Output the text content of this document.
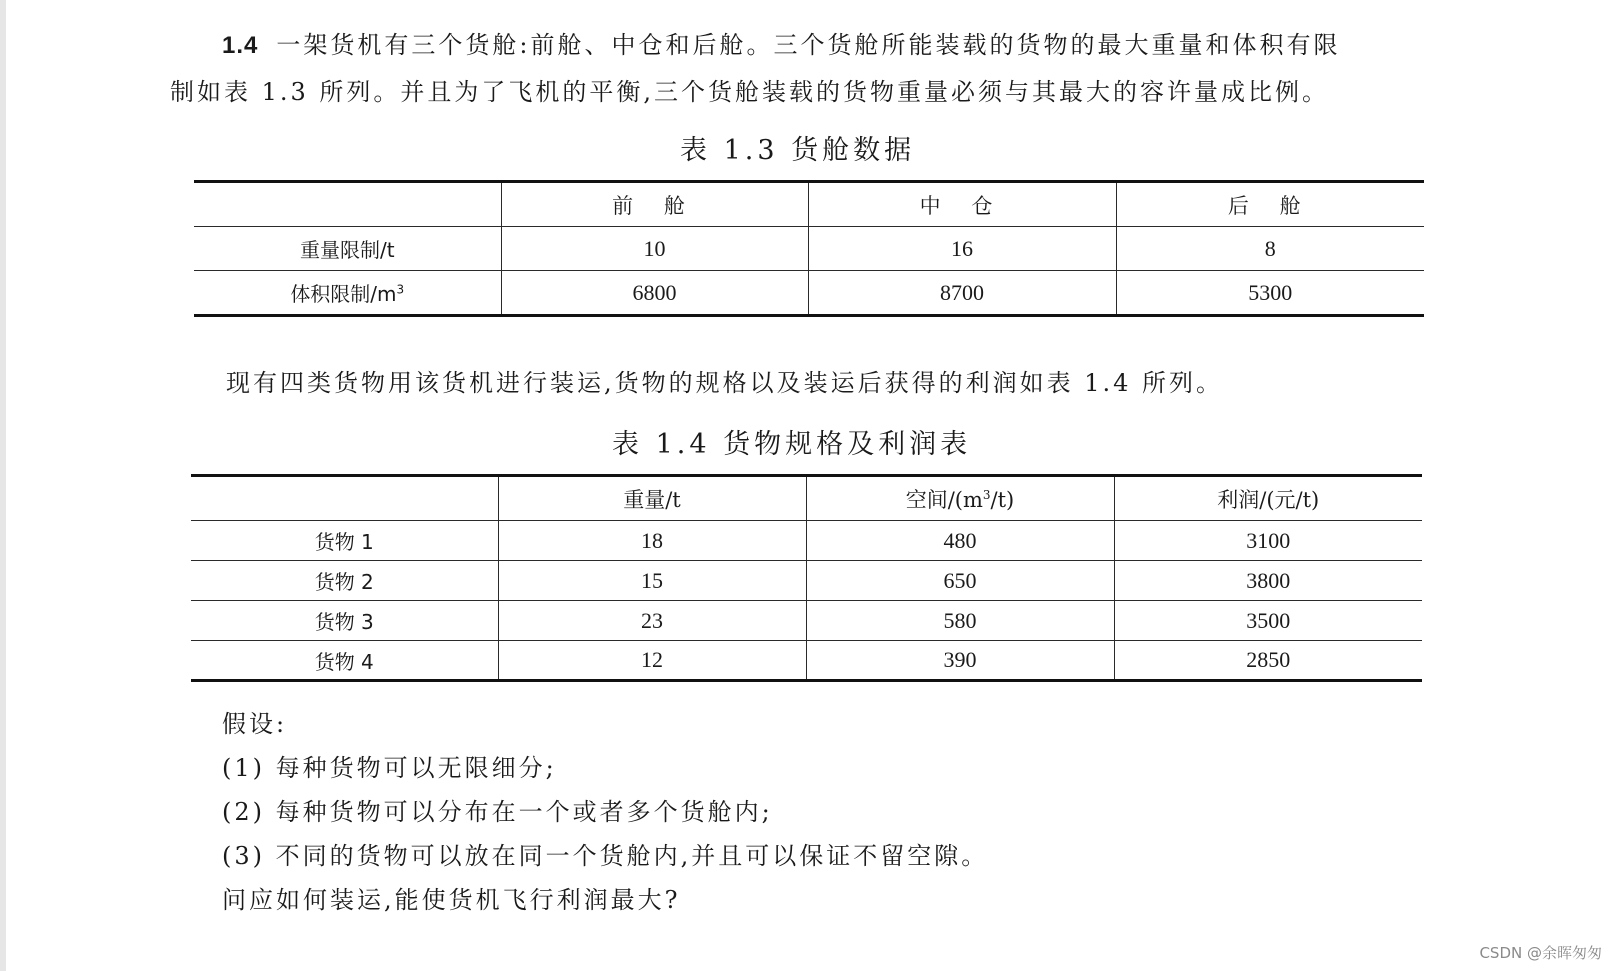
1.4 一架货机有三个货舱:前舱、中仓和后舱。三个货舱所能装载的货物的最大重量和体积有限
制如表 1.3 所列。并且为了飞机的平衡,三个货舱装载的货物重量必须与其最大的容许量成比例。
表 1.3 货舱数据
	前 舱	中 仓	后 舱
重量限制/t	10	16	8
体积限制$/m^3$	6800	8700	5300
现有四类货物用该货机进行装运,货物的规格以及装运后获得的利润如表 1.4 所列。
表 1.4 货物规格及利润表
	重量/t	空间$/(m^3/t)$	利润/(元/t)
货物 1	18	480	3100
货物 2	15	650	3800
货物 3	23	580	3500
货物 4	12	390	2850
假设:
(1) 每种货物可以无限细分;
(2) 每种货物可以分布在一个或者多个货舱内;
(3) 不同的货物可以放在同一个货舱内,并且可以保证不留空隙。
问应如何装运,能使货机飞行利润最大?
CSDN @余晖匆匆
